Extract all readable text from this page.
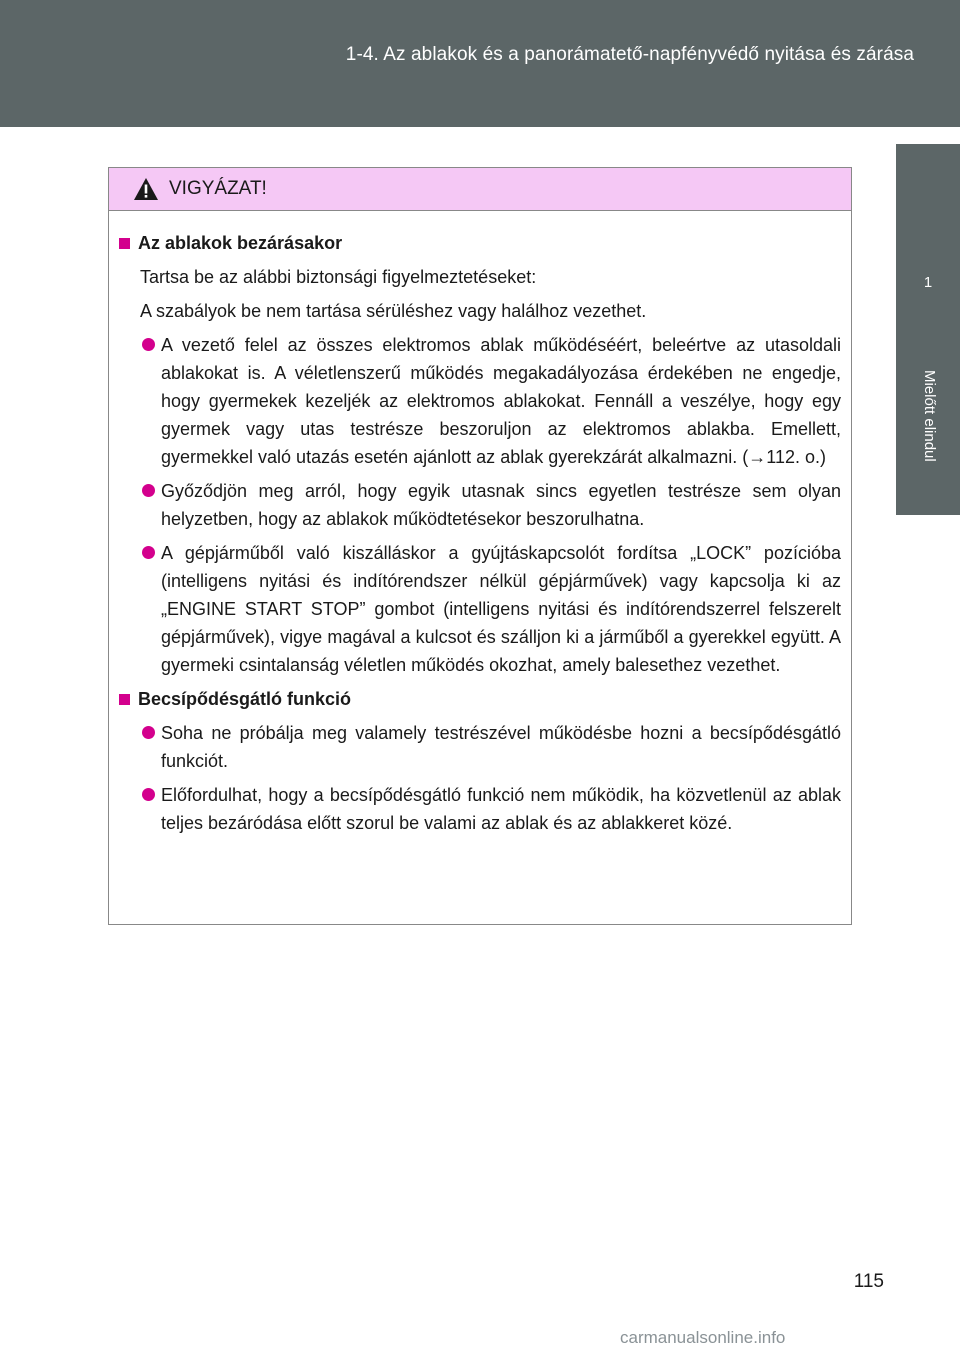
1-4. Az ablakok és a panorámatető-napfényvédő nyitása és zárása
1
Mielőtt elindul
VIGYÁZAT!
Az ablakok bezárásakor
Tartsa be az alábbi biztonsági figyelmeztetéseket:
A szabályok be nem tartása sérüléshez vagy halálhoz vezethet.
A vezető felel az összes elektromos ablak működéséért, beleértve az utasoldali ablakokat is. A véletlenszerű működés megakadályozása érdekében ne engedje, hogy gyermekek kezeljék az elektromos ablakokat. Fennáll a veszélye, hogy egy gyermek vagy utas testrésze beszoruljon az elektromos ablakba. Emellett, gyermekkel való utazás esetén ajánlott az ablak gyerekzárát alkalmazni. (→112. o.)
Győződjön meg arról, hogy egyik utasnak sincs egyetlen testrésze sem olyan helyzetben, hogy az ablakok működtetésekor beszorulhatna.
A gépjárműből való kiszálláskor a gyújtáskapcsolót fordítsa „LOCK” pozícióba (intelligens nyitási és indítórendszer nélkül gépjárművek) vagy kapcsolja ki az „ENGINE START STOP” gombot (intelligens nyitási és indítórendszerrel felszerelt gépjárművek), vigye magával a kulcsot és szálljon ki a járműből a gyerekkel együtt. A gyermeki csintalanság véletlen működés okozhat, amely balesethez vezethet.
Becsípődésgátló funkció
Soha ne próbálja meg valamely testrészével működésbe hozni a becsípődésgátló funkciót.
Előfordulhat, hogy a becsípődésgátló funkció nem működik, ha közvetlenül az ablak teljes bezáródása előtt szorul be valami az ablak és az ablakkeret közé.
115
carmanualsonline.info
